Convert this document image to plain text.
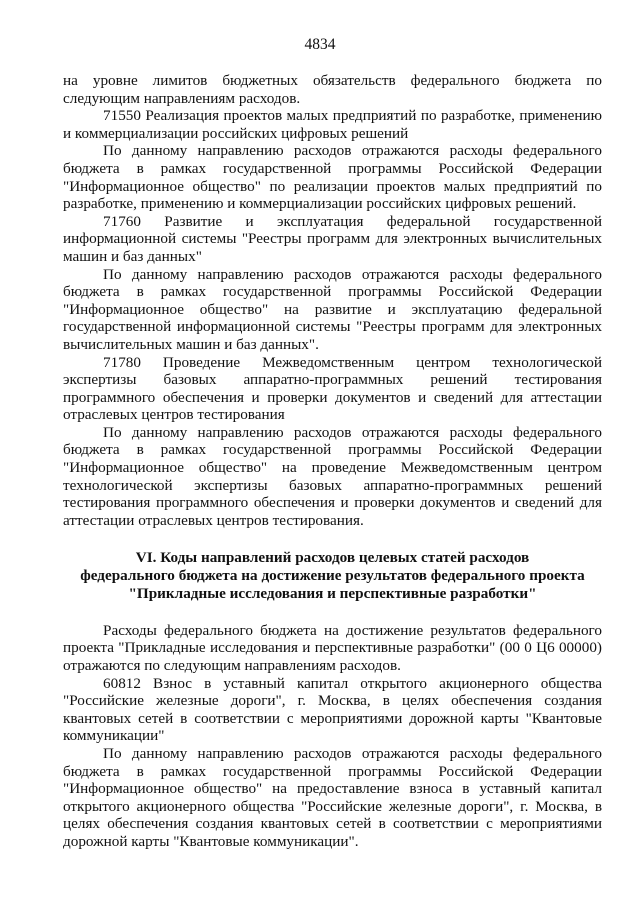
4834

на уровне лимитов бюджетных обязательств федерального бюджета по следующим направлениям расходов.

71550 Реализация проектов малых предприятий по разработке, применению и коммерциализации российских цифровых решений

По данному направлению расходов отражаются расходы федерального бюджета в рамках государственной программы Российской Федерации "Информационное общество" по реализации проектов малых предприятий по разработке, применению и коммерциализации российских цифровых решений.

71760 Развитие и эксплуатация федеральной государственной информационной системы "Реестры программ для электронных вычислительных машин и баз данных"

По данному направлению расходов отражаются расходы федерального бюджета в рамках государственной программы Российской Федерации "Информационное общество" на развитие и эксплуатацию федеральной государственной информационной системы "Реестры программ для электронных вычислительных машин и баз данных".

71780 Проведение Межведомственным центром технологической экспертизы базовых аппаратно-программных решений тестирования программного обеспечения и проверки документов и сведений для аттестации отраслевых центров тестирования

По данному направлению расходов отражаются расходы федерального бюджета в рамках государственной программы Российской Федерации "Информационное общество" на проведение Межведомственным центром технологической экспертизы базовых аппаратно-программных решений тестирования программного обеспечения и проверки документов и сведений для аттестации отраслевых центров тестирования.

VI. Коды направлений расходов целевых статей расходов

федерального бюджета на достижение результатов федерального проекта

"Прикладные исследования и перспективные разработки"

Расходы федерального бюджета на достижение результатов федерального проекта "Прикладные исследования и перспективные разработки" (00 0 Ц6 00000) отражаются по следующим направлениям расходов.

60812 Взнос в уставный капитал открытого акционерного общества "Российские железные дороги", г. Москва, в целях обеспечения создания квантовых сетей в соответствии с мероприятиями дорожной карты "Квантовые коммуникации"

По данному направлению расходов отражаются расходы федерального бюджета в рамках государственной программы Российской Федерации "Информационное общество" на предоставление взноса в уставный капитал открытого акционерного общества "Российские железные дороги", г. Москва, в целях обеспечения создания квантовых сетей в соответствии с мероприятиями дорожной карты "Квантовые коммуникации".
